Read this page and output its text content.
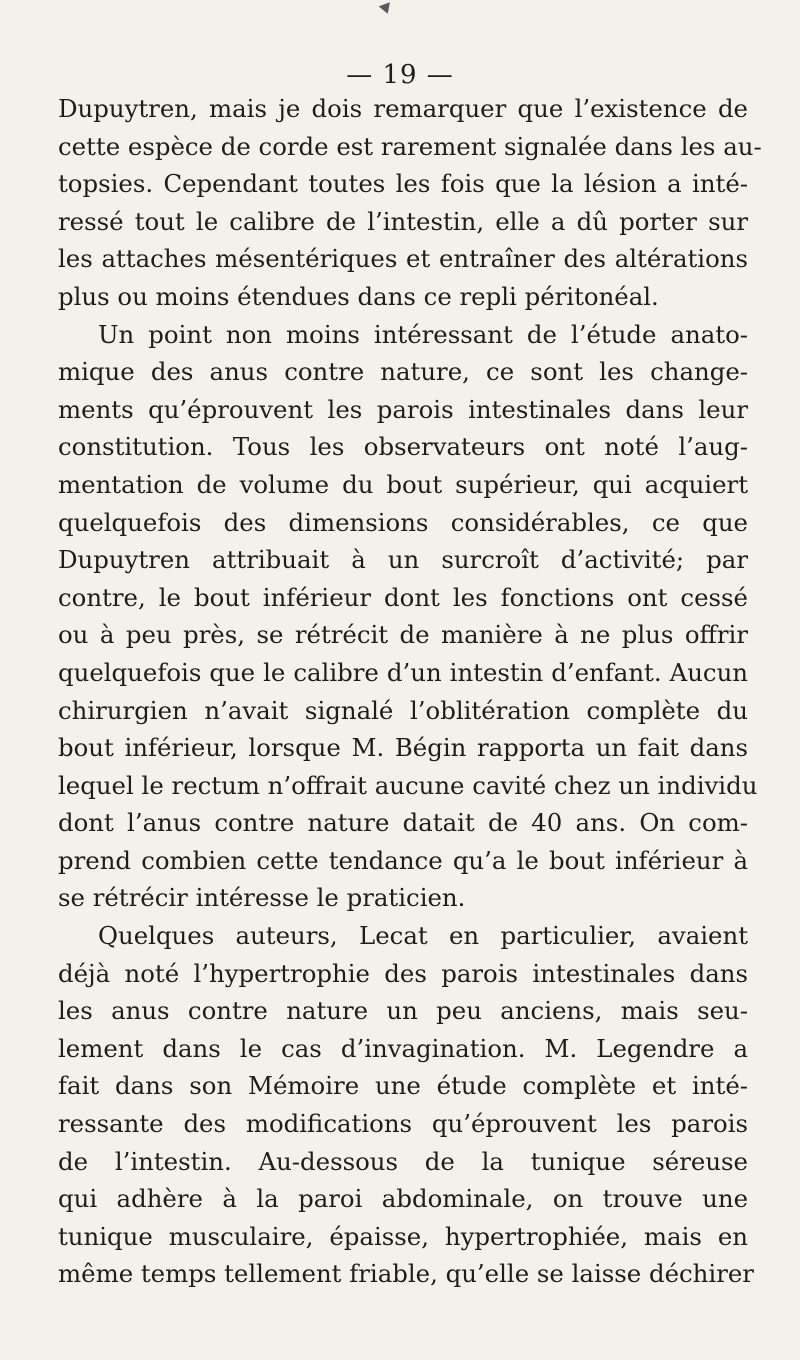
— 19 —
Dupuytren, mais je dois remarquer que l’existence de
cette espèce de corde est rarement signalée dans les au-
topsies. Cependant toutes les fois que la lésion a inté-
ressé tout le calibre de l’intestin, elle a dû porter sur
les attaches mésentériques et entraîner des altérations
plus ou moins étendues dans ce repli péritonéal.
Un point non moins intéressant de l’étude anato-
mique des anus contre nature, ce sont les change-
ments qu’éprouvent les parois intestinales dans leur
constitution. Tous les observateurs ont noté l’aug-
mentation de volume du bout supérieur, qui acquiert
quelquefois des dimensions considérables, ce que
Dupuytren attribuait à un surcroît d’activité; par
contre, le bout inférieur dont les fonctions ont cessé
ou à peu près, se rétrécit de manière à ne plus offrir
quelquefois que le calibre d’un intestin d’enfant. Aucun
chirurgien n’avait signalé l’oblitération complète du
bout inférieur, lorsque M. Bégin rapporta un fait dans
lequel le rectum n’offrait aucune cavité chez un individu
dont l’anus contre nature datait de 40 ans. On com-
prend combien cette tendance qu’a le bout inférieur à
se rétrécir intéresse le praticien.
Quelques auteurs, Lecat en particulier, avaient
déjà noté l’hypertrophie des parois intestinales dans
les anus contre nature un peu anciens, mais seu-
lement dans le cas d’invagination. M. Legendre a
fait dans son Mémoire une étude complète et inté-
ressante des modifications qu’éprouvent les parois
de l’intestin. Au-dessous de la tunique séreuse
qui adhère à la paroi abdominale, on trouve une
tunique musculaire, épaisse, hypertrophiée, mais en
même temps tellement friable, qu’elle se laisse déchirer
